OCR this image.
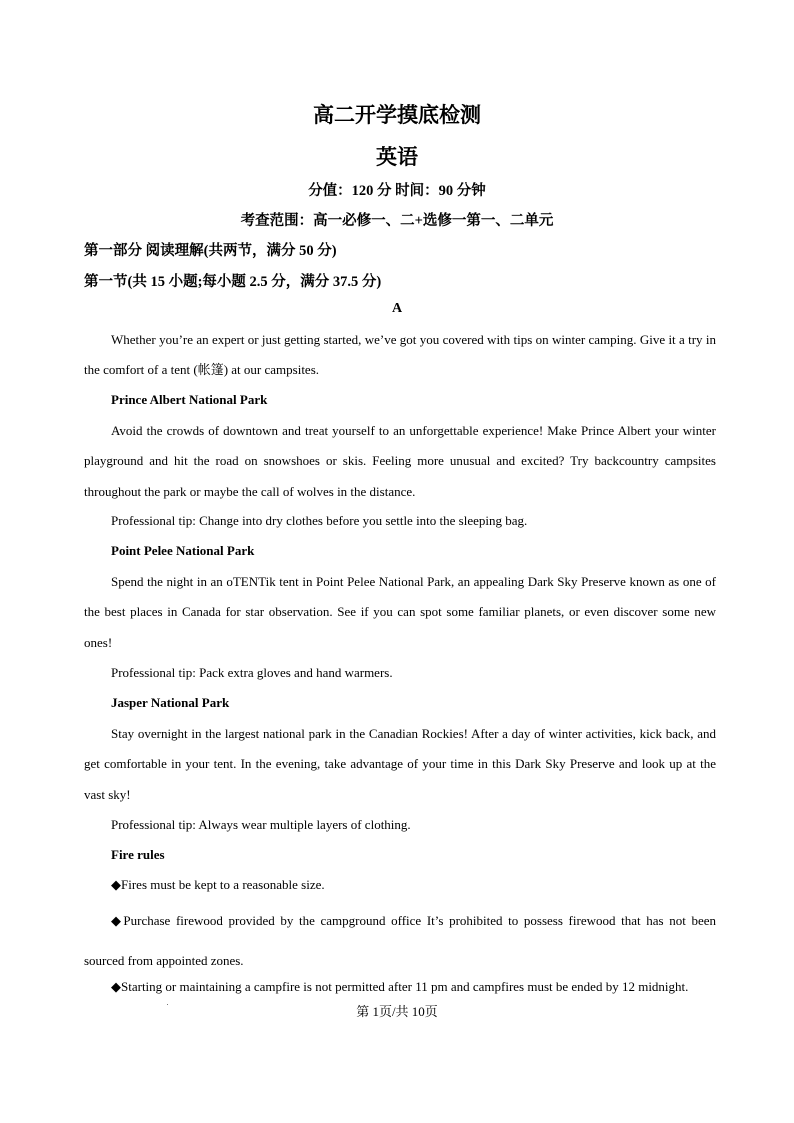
高二开学摸底检测
英语
分值：120 分 时间：90 分钟
考查范围：高一必修一、二+选修一第一、二单元
第一部分 阅读理解(共两节，满分 50 分)
第一节(共 15 小题;每小题 2.5 分，满分 37.5 分)
A
Whether you’re an expert or just getting started, we’ve got you covered with tips on winter camping. Give it a try in the comfort of a tent (帐篷) at our campsites.
Prince Albert National Park
Avoid the crowds of downtown and treat yourself to an unforgettable experience! Make Prince Albert your winter playground and hit the road on snowshoes or skis. Feeling more unusual and excited? Try backcountry campsites throughout the park or maybe the call of wolves in the distance.
Professional tip: Change into dry clothes before you settle into the sleeping bag.
Point Pelee National Park
Spend the night in an oTENTik tent in Point Pelee National Park, an appealing Dark Sky Preserve known as one of the best places in Canada for star observation. See if you can spot some familiar planets, or even discover some new ones!
Professional tip: Pack extra gloves and hand warmers.
Jasper National Park
Stay overnight in the largest national park in the Canadian Rockies! After a day of winter activities, kick back, and get comfortable in your tent. In the evening, take advantage of your time in this Dark Sky Preserve and look up at the vast sky!
Professional tip: Always wear multiple layers of clothing.
Fire rules
◆Fires must be kept to a reasonable size.
◆Purchase firewood provided by the campground office It’s prohibited to possess firewood that has not been sourced from appointed zones.
◆Starting or maintaining a campfire is not permitted after 11 pm and campfires must be ended by 12 midnight.
第 1页/共 10页
